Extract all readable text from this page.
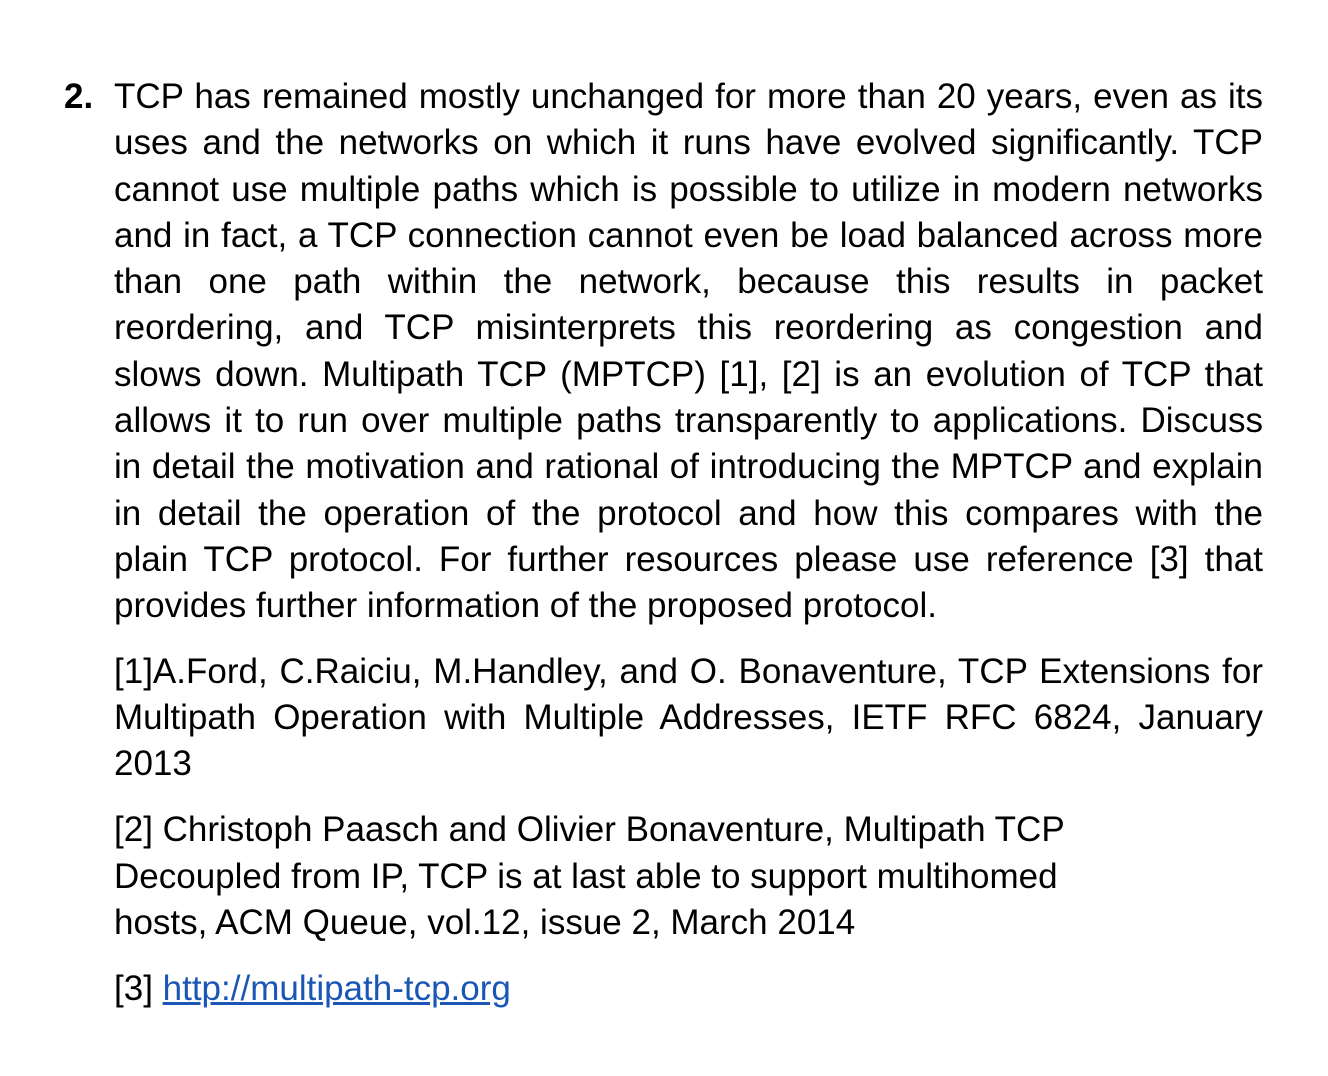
2. TCP has remained mostly unchanged for more than 20 years, even as its uses and the networks on which it runs have evolved significantly. TCP cannot use multiple paths which is possible to utilize in modern networks and in fact, a TCP connection cannot even be load balanced across more than one path within the network, because this results in packet reordering, and TCP misinterprets this reordering as congestion and slows down. Multipath TCP (MPTCP) [1], [2] is an evolution of TCP that allows it to run over multiple paths transparently to applications. Discuss in detail the motivation and rational of introducing the MPTCP and explain in detail the operation of the protocol and how this compares with the plain TCP protocol. For further resources please use reference [3] that provides further information of the proposed protocol.

[1]A.Ford, C.Raiciu, M.Handley, and O. Bonaventure, TCP Extensions for Multipath Operation with Multiple Addresses, IETF RFC 6824, January 2013

[2] Christoph Paasch and Olivier Bonaventure, Multipath TCP Decoupled from IP, TCP is at last able to support multihomed hosts, ACM Queue, vol.12, issue 2, March 2014

[3] http://multipath-tcp.org
